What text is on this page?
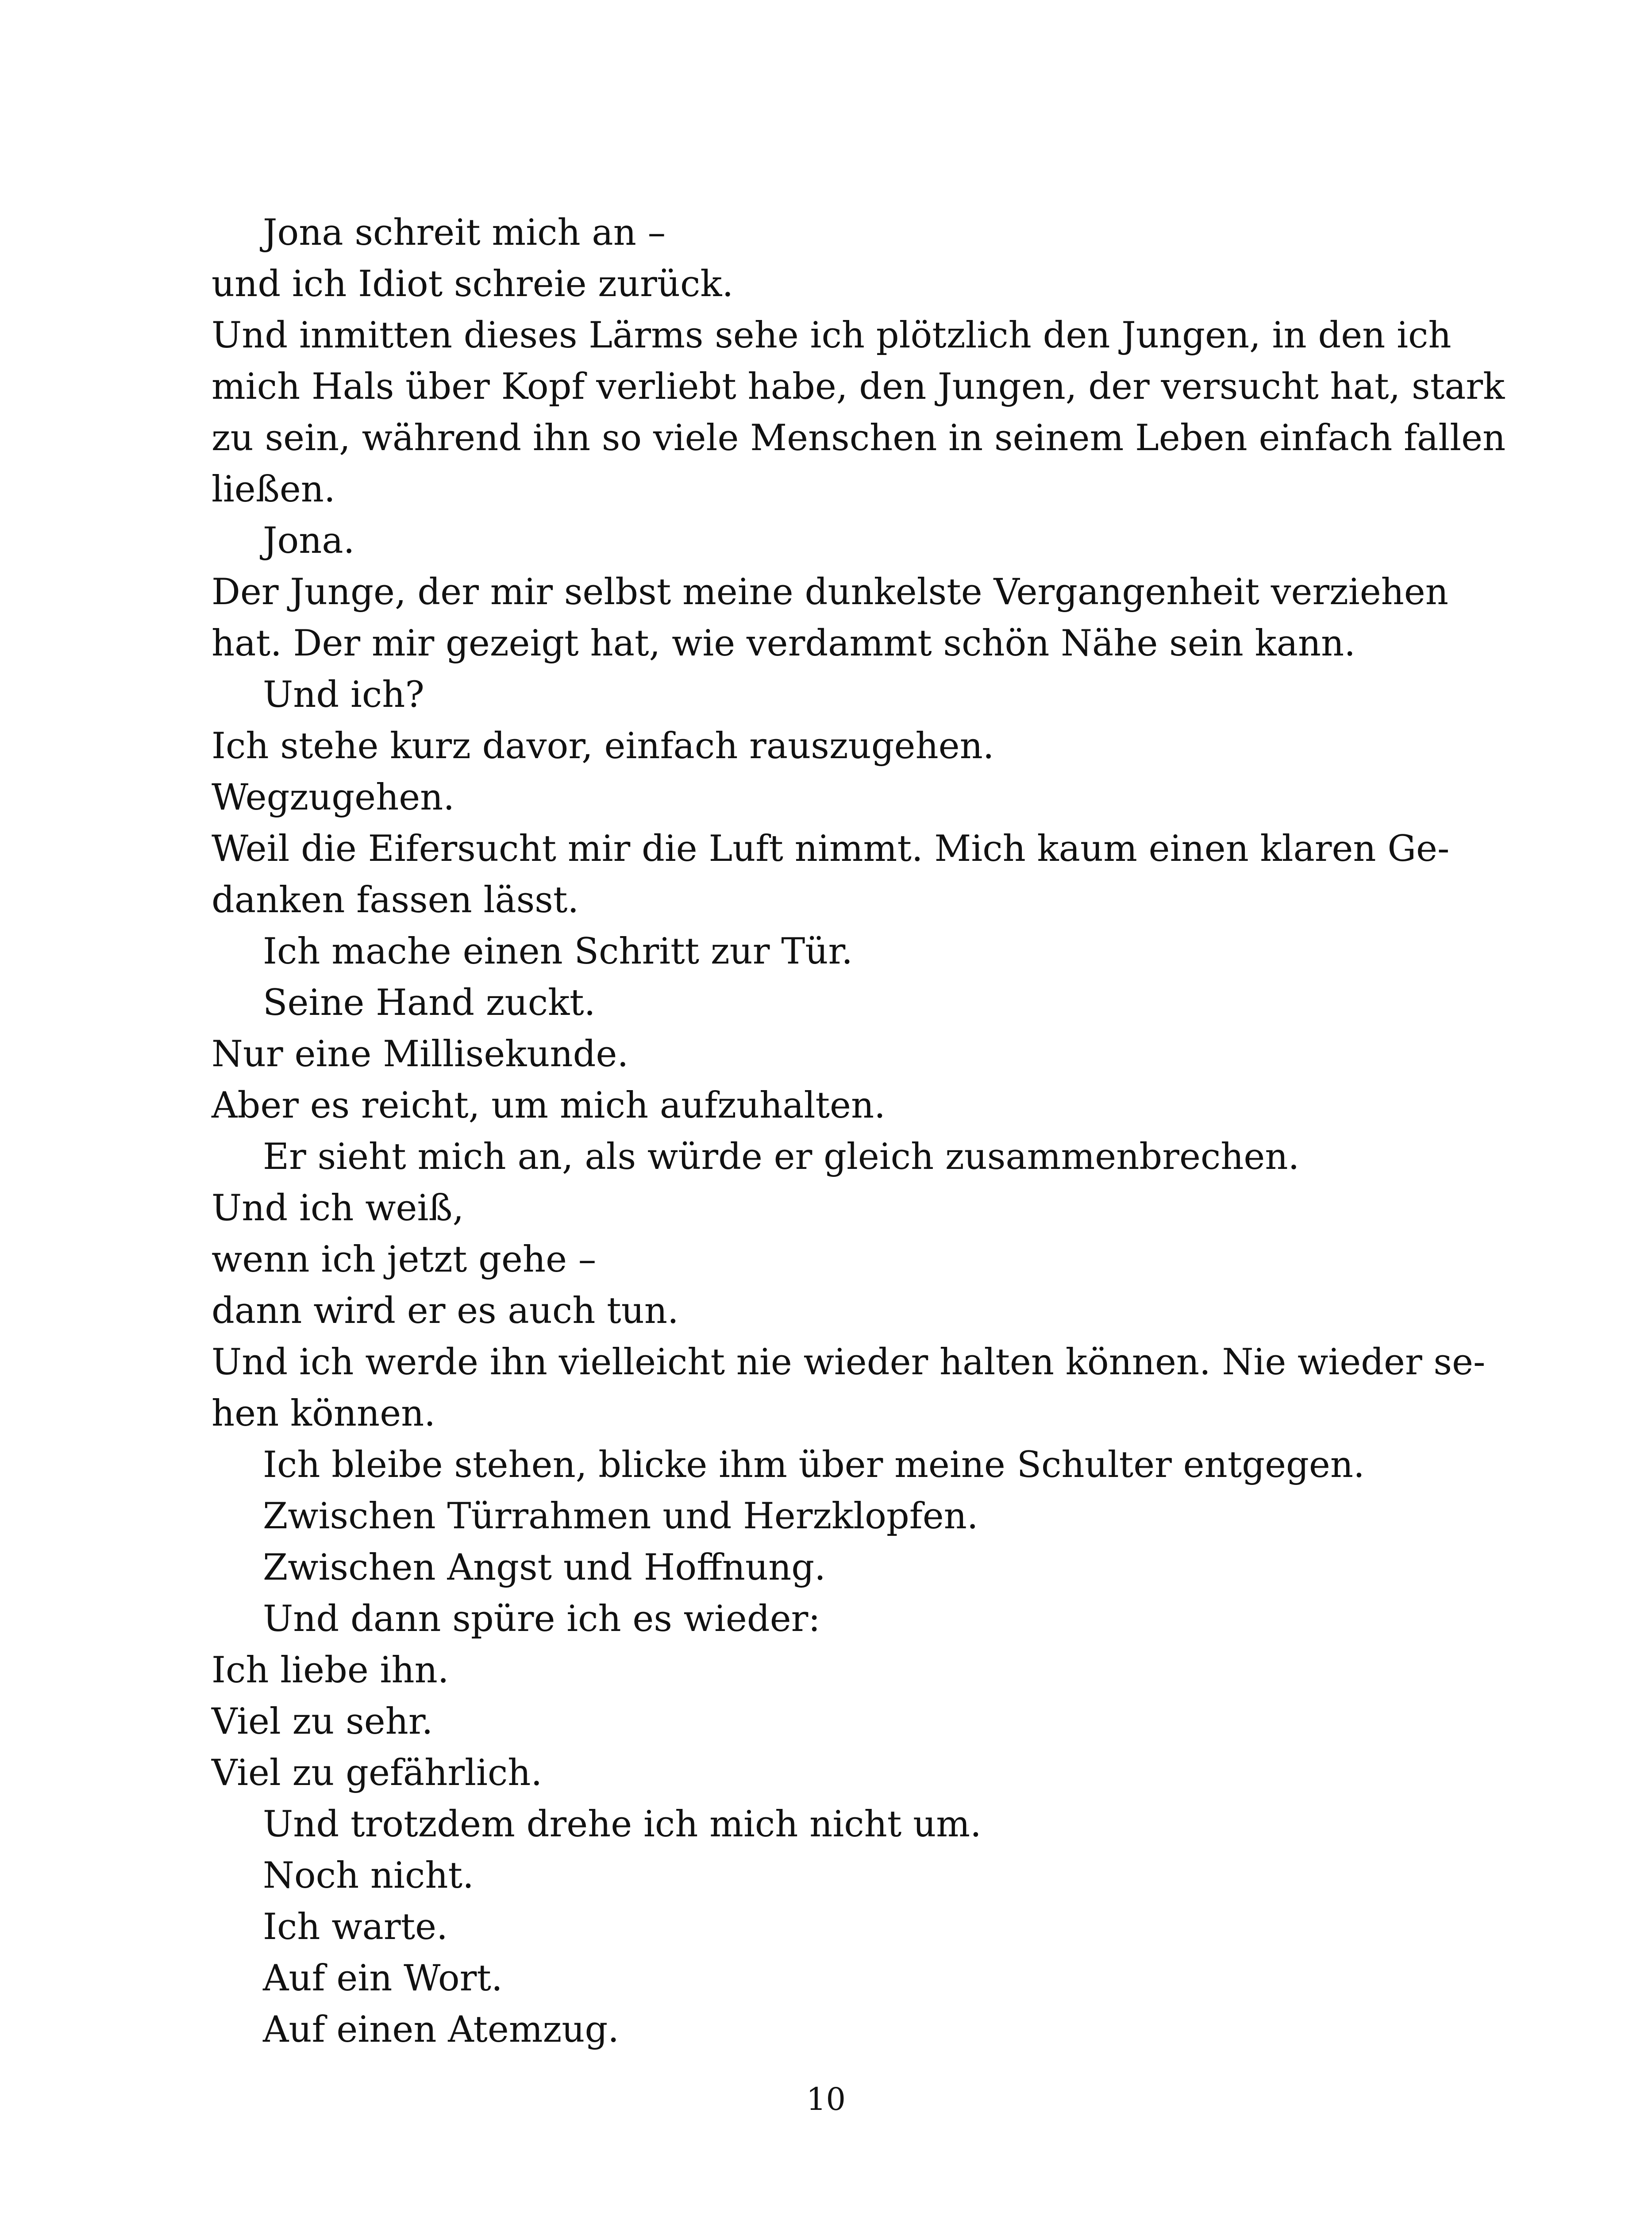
Jona schreit mich an –
und ich Idiot schreie zurück.
Und inmitten dieses Lärms sehe ich plötzlich den Jungen, in den ich
mich Hals über Kopf verliebt habe, den Jungen, der versucht hat, stark
zu sein, während ihn so viele Menschen in seinem Leben einfach fallen
ließen.
Jona.
Der Junge, der mir selbst meine dunkelste Vergangenheit verziehen
hat. Der mir gezeigt hat, wie verdammt schön Nähe sein kann.
Und ich?
Ich stehe kurz davor, einfach rauszugehen.
Wegzugehen.
Weil die Eifersucht mir die Luft nimmt. Mich kaum einen klaren Ge-
danken fassen lässt.
Ich mache einen Schritt zur Tür.
Seine Hand zuckt.
Nur eine Millisekunde.
Aber es reicht, um mich aufzuhalten.
Er sieht mich an, als würde er gleich zusammenbrechen.
Und ich weiß,
wenn ich jetzt gehe –
dann wird er es auch tun.
Und ich werde ihn vielleicht nie wieder halten können. Nie wieder se-
hen können.
Ich bleibe stehen, blicke ihm über meine Schulter entgegen.
Zwischen Türrahmen und Herzklopfen.
Zwischen Angst und Hoffnung.
Und dann spüre ich es wieder:
Ich liebe ihn.
Viel zu sehr.
Viel zu gefährlich.
Und trotzdem drehe ich mich nicht um.
Noch nicht.
Ich warte.
Auf ein Wort.
Auf einen Atemzug.
10
